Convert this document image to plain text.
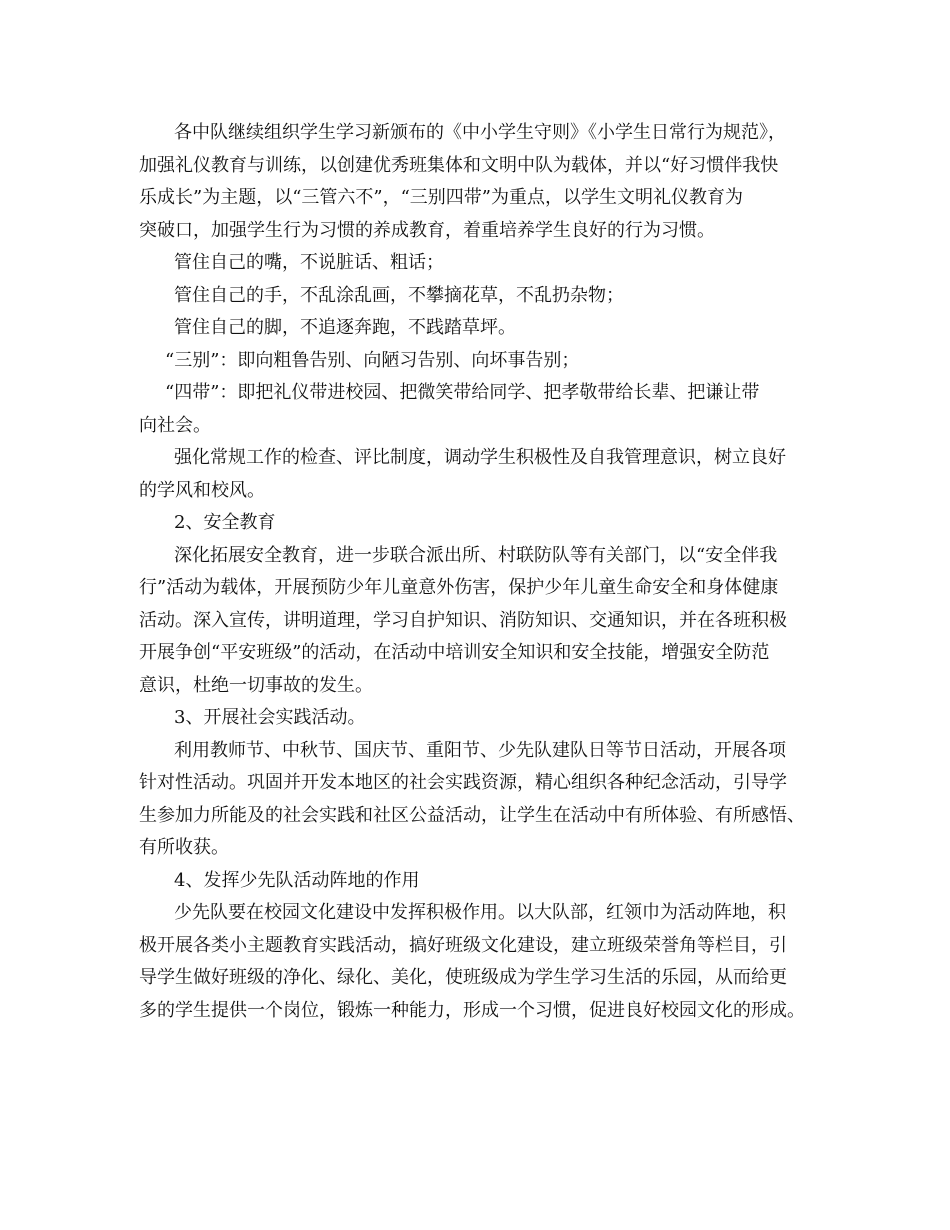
各中队继续组织学生学习新颁布的《中小学生守则》《小学生日常行为规范》，
加强礼仪教育与训练，以创建优秀班集体和文明中队为载体，并以“好习惯伴我快
乐成长”为主题，以“三管六不”，“三别四带”为重点，以学生文明礼仪教育为
突破口，加强学生行为习惯的养成教育，着重培养学生良好的行为习惯。
管住自己的嘴，不说脏话、粗话；
管住自己的手，不乱涂乱画，不攀摘花草，不乱扔杂物；
管住自己的脚，不追逐奔跑，不践踏草坪。
“三别”：即向粗鲁告别、向陋习告别、向坏事告别；
“四带”：即把礼仪带进校园、把微笑带给同学、把孝敬带给长辈、把谦让带
向社会。
强化常规工作的检查、评比制度，调动学生积极性及自我管理意识，树立良好
的学风和校风。
2、安全教育
深化拓展安全教育，进一步联合派出所、村联防队等有关部门，以“安全伴我
行”活动为载体，开展预防少年儿童意外伤害，保护少年儿童生命安全和身体健康
活动。深入宣传，讲明道理，学习自护知识、消防知识、交通知识，并在各班积极
开展争创“平安班级”的活动，在活动中培训安全知识和安全技能，增强安全防范
意识，杜绝一切事故的发生。
3、开展社会实践活动。
利用教师节、中秋节、国庆节、重阳节、少先队建队日等节日活动，开展各项
针对性活动。巩固并开发本地区的社会实践资源，精心组织各种纪念活动，引导学
生参加力所能及的社会实践和社区公益活动，让学生在活动中有所体验、有所感悟、
有所收获。
4、发挥少先队活动阵地的作用
少先队要在校园文化建设中发挥积极作用。以大队部，红领巾为活动阵地，积
极开展各类小主题教育实践活动，搞好班级文化建设，建立班级荣誉角等栏目，引
导学生做好班级的净化、绿化、美化，使班级成为学生学习生活的乐园，从而给更
多的学生提供一个岗位，锻炼一种能力，形成一个习惯，促进良好校园文化的形成。
